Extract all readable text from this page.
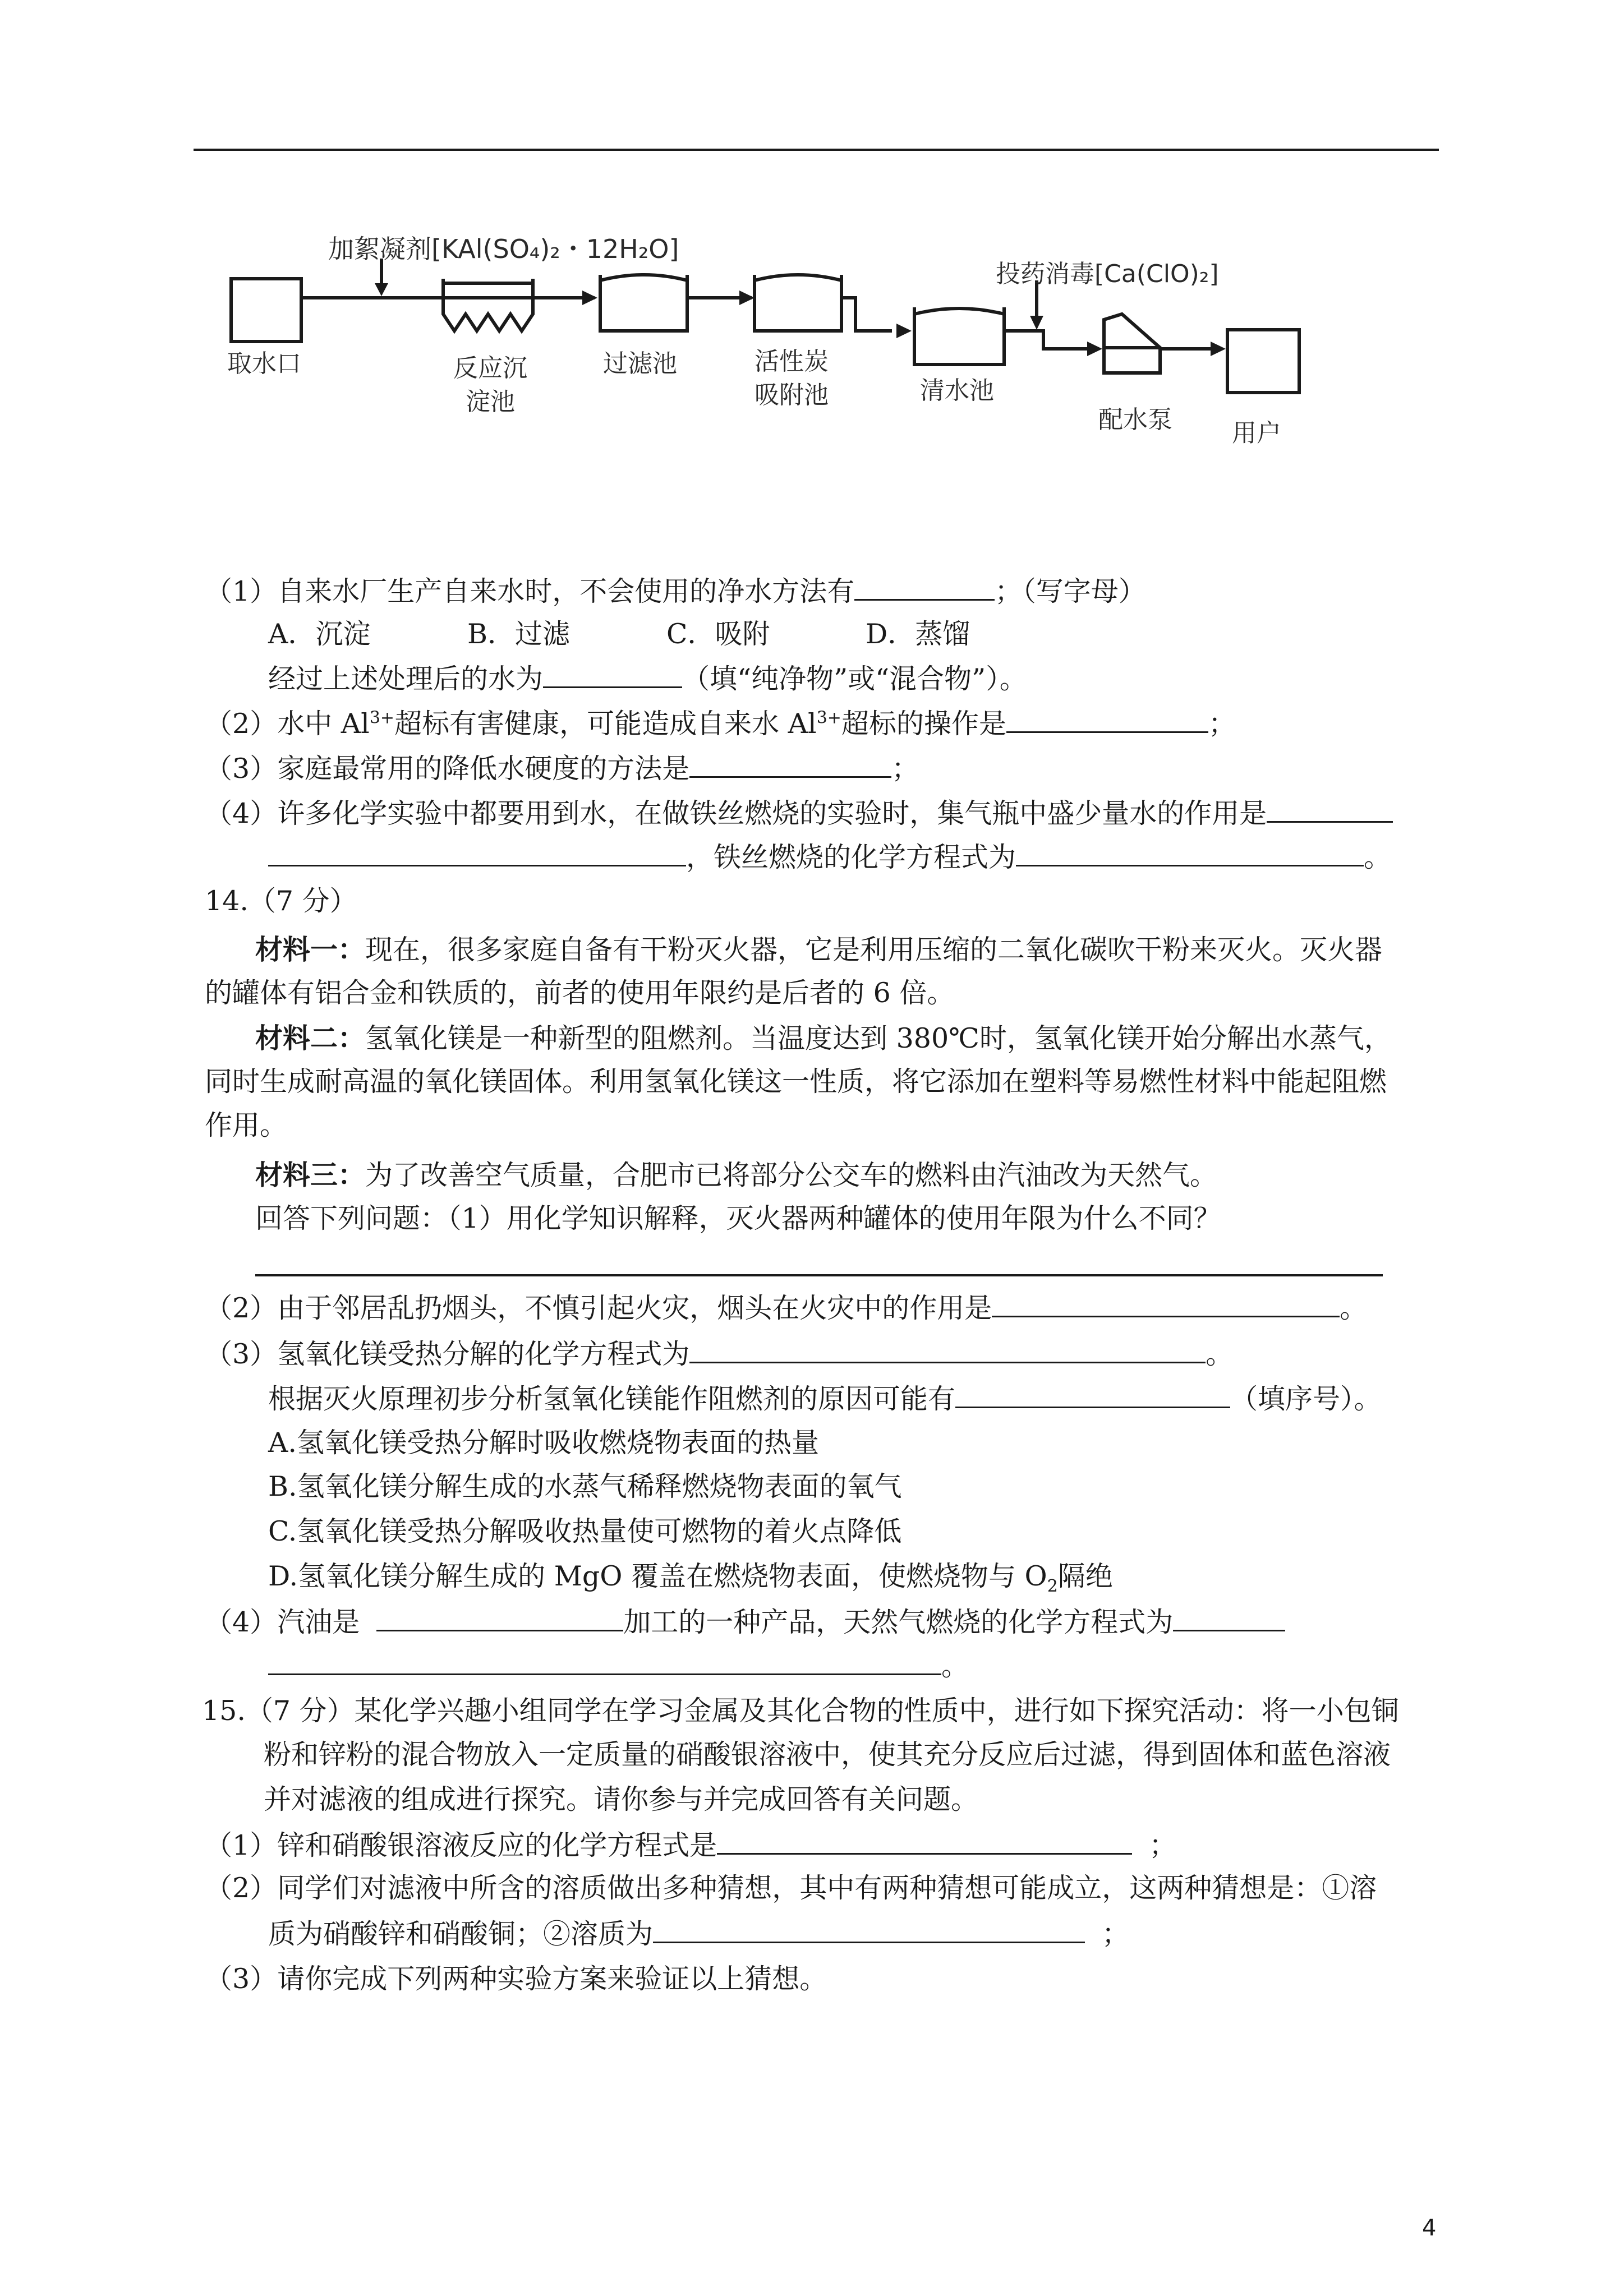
加絮凝剂[KAl(SO₄)₂・12H₂O]
投药消毒[Ca(ClO)₂]
取水口	反应沉
淀池
过滤池	活性炭
吸附池	清水池
配水泵 用户
（1）自来水厂生产自来水时，不会使用的净水方法有	；（写字母）
A．沉淀	B．过滤	C．吸附	D．蒸馏
经过上述处理后的水为	（填“纯净物”或“混合物”）。
（2）水中 $Al^{3+}$超标有害健康，可能造成自来水 $Al^{3+}$超标的操作是	；
（3）家庭最常用的降低水硬度的方法是	；
（4）许多化学实验中都要用到水，在做铁丝燃烧的实验时，集气瓶中盛少量水的作用是
，铁丝燃烧的化学方程式为	。
14.（7 分）
材料一：现在，很多家庭自备有干粉灭火器，它是利用压缩的二氧化碳吹干粉来灭火。灭火器
的罐体有铝合金和铁质的，前者的使用年限约是后者的 6 倍。
材料二：氢氧化镁是一种新型的阻燃剂。当温度达到 380℃时，氢氧化镁开始分解出水蒸气，
同时生成耐高温的氧化镁固体。利用氢氧化镁这一性质，将它添加在塑料等易燃性材料中能起阻燃
作用。
材料三：为了改善空气质量，合肥市已将部分公交车的燃料由汽油改为天然气。
回答下列问题：（1）用化学知识解释，灭火器两种罐体的使用年限为什么不同？
（2）由于邻居乱扔烟头，不慎引起火灾，烟头在火灾中的作用是	。
（3）氢氧化镁受热分解的化学方程式为	。
根据灭火原理初步分析氢氧化镁能作阻燃剂的原因可能有	（填序号）。
A.氢氧化镁受热分解时吸收燃烧物表面的热量
B.氢氧化镁分解生成的水蒸气稀释燃烧物表面的氧气
C.氢氧化镁受热分解吸收热量使可燃物的着火点降低
D.氢氧化镁分解生成的 MgO 覆盖在燃烧物表面，使燃烧物与 $O_2$隔绝
（4）汽油是	加工的一种产品，天然气燃烧的化学方程式为
。
15.（7 分）某化学兴趣小组同学在学习金属及其化合物的性质中，进行如下探究活动：将一小包铜
粉和锌粉的混合物放入一定质量的硝酸银溶液中，使其充分反应后过滤，得到固体和蓝色溶液
并对滤液的组成进行探究。请你参与并完成回答有关问题。
（1）锌和硝酸银溶液反应的化学方程式是	；
（2）同学们对滤液中所含的溶质做出多种猜想，其中有两种猜想可能成立，这两种猜想是：①溶
质为硝酸锌和硝酸铜；②溶质为	；
（3）请你完成下列两种实验方案来验证以上猜想。
4
